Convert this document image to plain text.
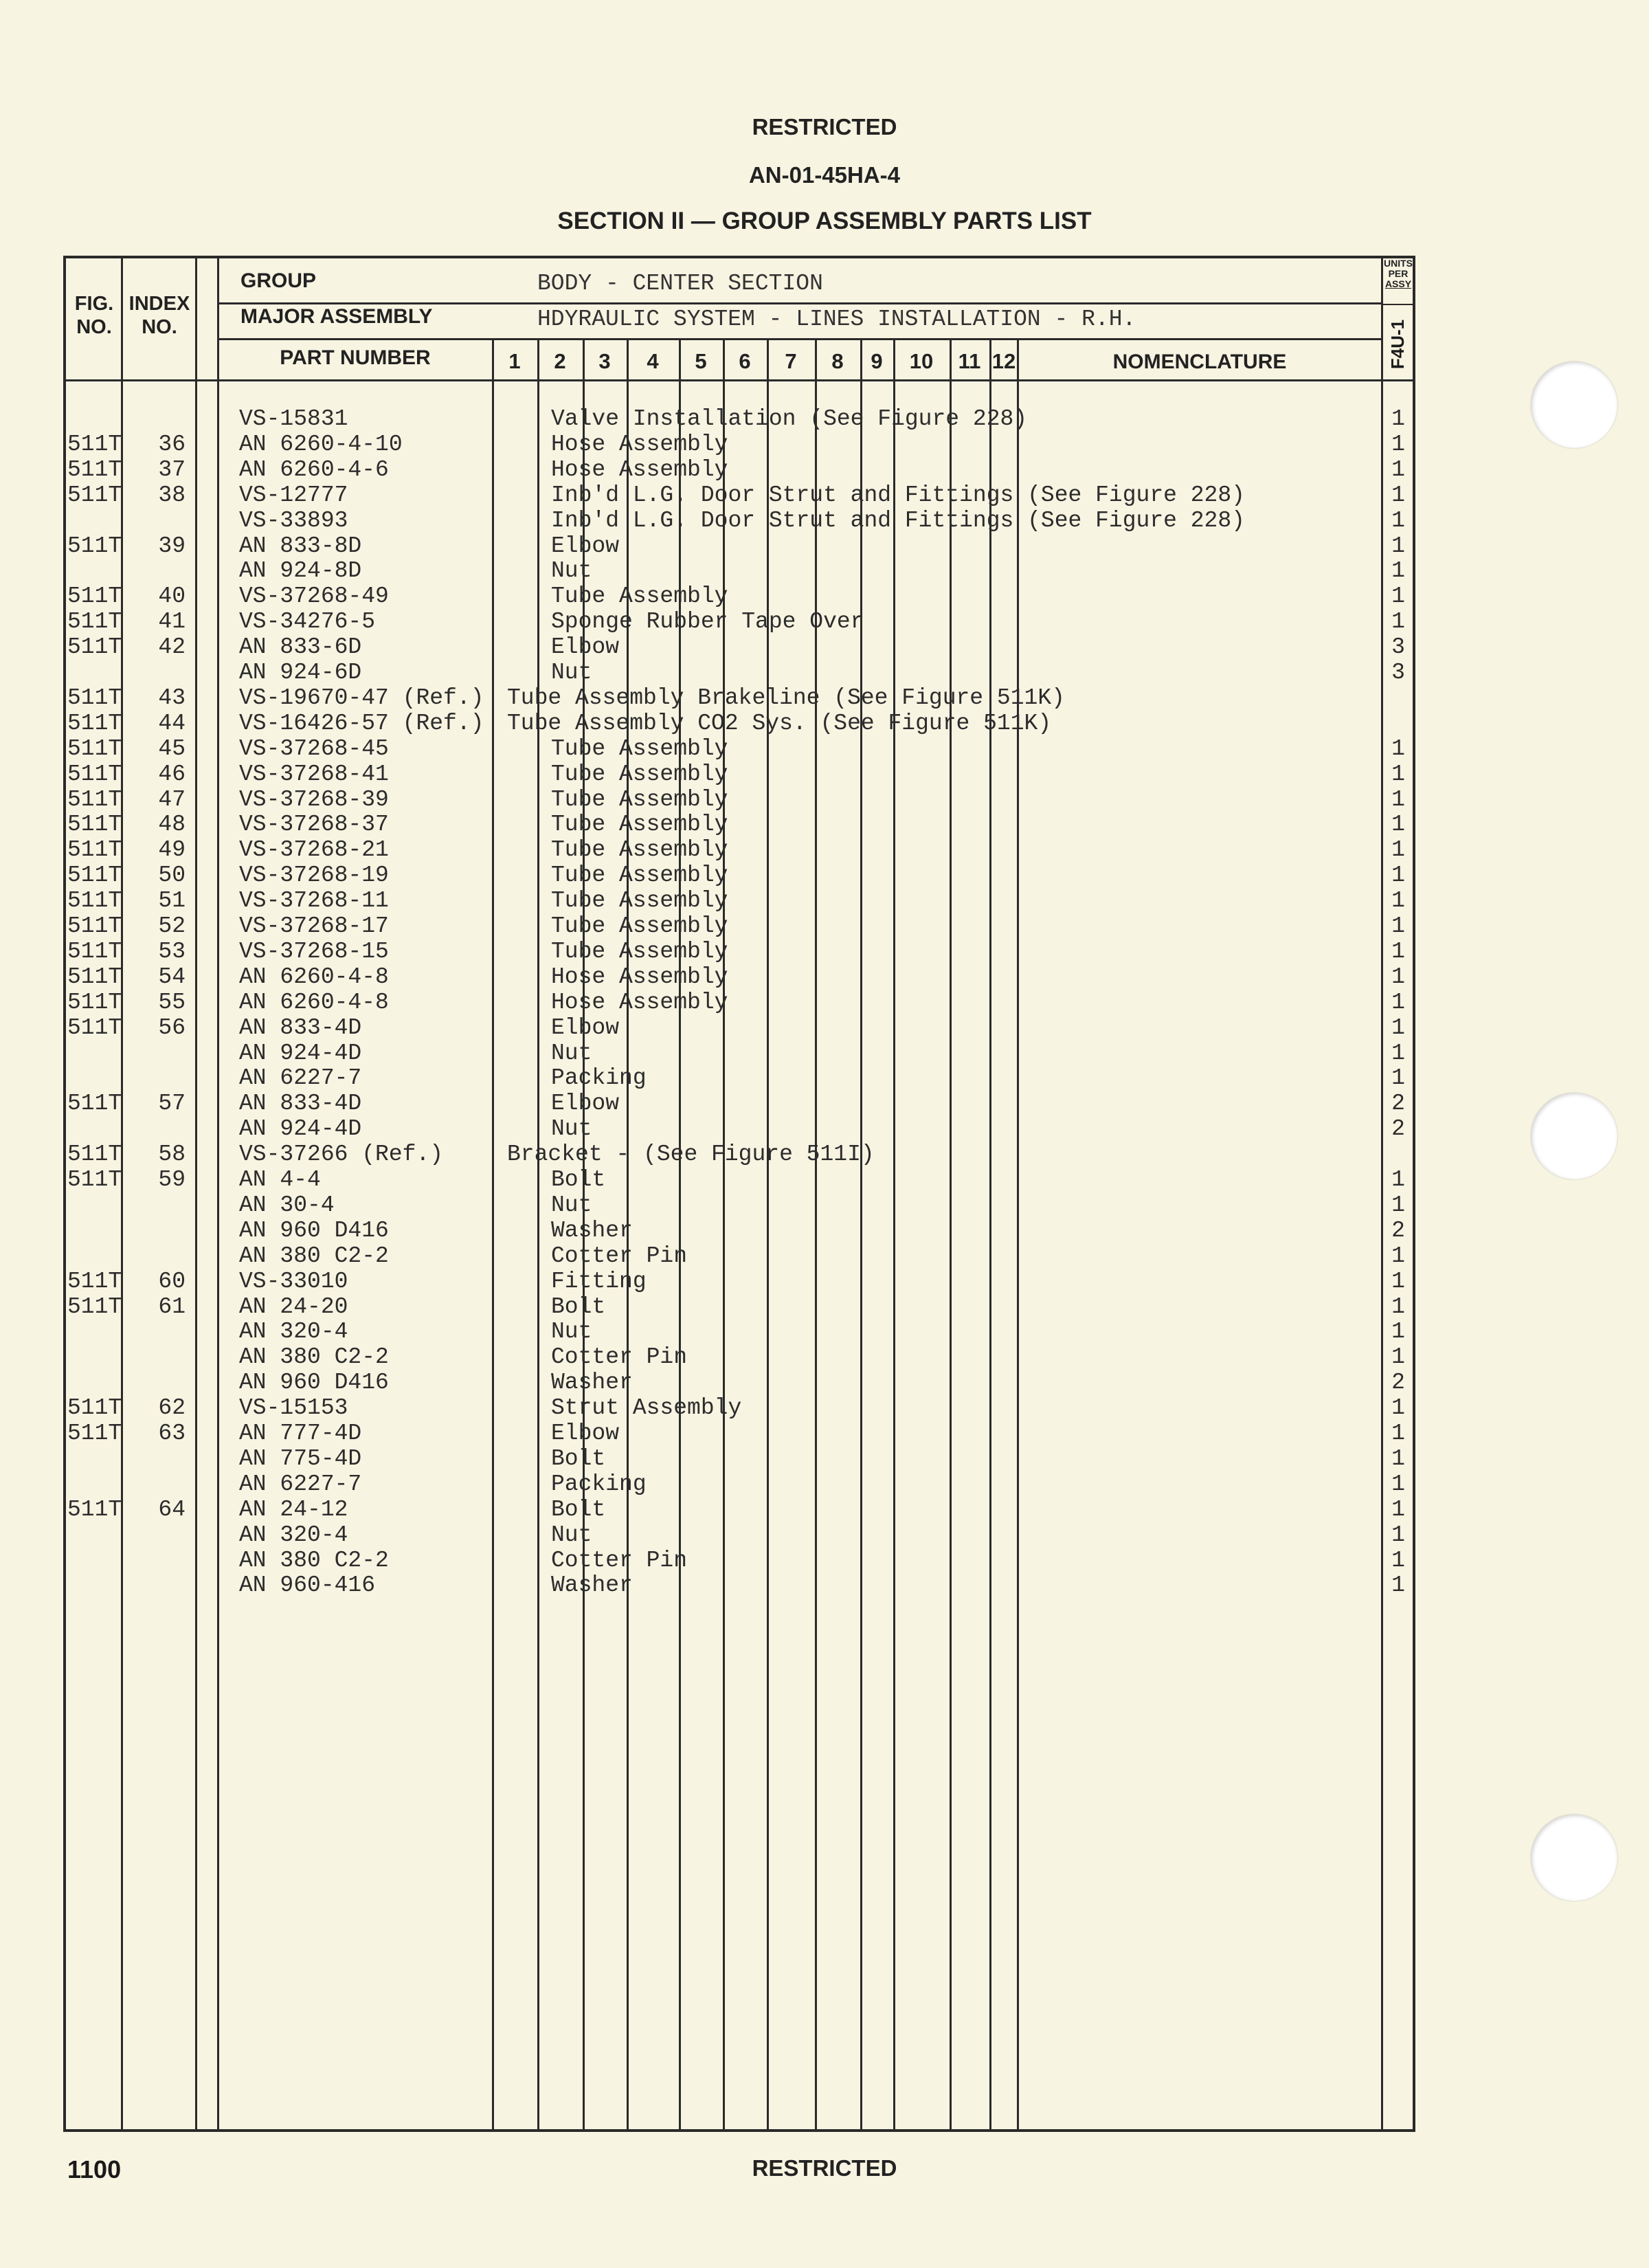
RESTRICTED
AN-01-45HA-4
SECTION II — GROUP ASSEMBLY PARTS LIST
FIG.
NO.
INDEX
NO.
GROUP	BODY - CENTER SECTION
MAJOR ASSEMBLY	HDYRAULIC SYSTEM - LINES INSTALLATION - R.H.
PART NUMBER	NOMENCLATURE
1	2	3	4	5	6	7	8	9	10	11 12
UNITS
PER
ASSY
F4U-1
VS-15831	Valve Installation (See Figure 228)	1
511T	36 AN 6260-4-10	Hose Assembly	1
511T	37 AN 6260-4-6	Hose Assembly	1
511T	38 VS-12777	Inb'd L.G. Door Strut and Fittings (See Figure 228)	1
VS-33893	Inb'd L.G. Door Strut and Fittings (See Figure 228)	1
511T	39 AN 833-8D	Elbow	1
AN 924-8D	Nut	1
511T	40 VS-37268-49	Tube Assembly	1
511T	41 VS-34276-5	Sponge Rubber Tape Over	1
511T	42 AN 833-6D	Elbow	3
AN 924-6D	Nut	3
511T	43 VS-19670-47 (Ref.) Tube Assembly Brakeline (See Figure 511K)
511T	44 VS-16426-57 (Ref.) Tube Assembly CO2 Sys. (See Figure 511K)
511T	45 VS-37268-45	Tube Assembly	1
511T	46 VS-37268-41	Tube Assembly	1
511T	47 VS-37268-39	Tube Assembly	1
511T	48 VS-37268-37	Tube Assembly	1
511T	49 VS-37268-21	Tube Assembly	1
511T	50 VS-37268-19	Tube Assembly	1
511T	51 VS-37268-11	Tube Assembly	1
511T	52 VS-37268-17	Tube Assembly	1
511T	53 VS-37268-15	Tube Assembly	1
511T	54 AN 6260-4-8	Hose Assembly	1
511T	55 AN 6260-4-8	Hose Assembly	1
511T	56 AN 833-4D	Elbow	1
AN 924-4D	Nut	1
AN 6227-7	Packing	1
511T	57 AN 833-4D	Elbow	2
AN 924-4D	Nut	2
511T	58 VS-37266 (Ref.)	Bracket - (See Figure 511I)
511T	59 AN 4-4	Bolt	1
AN 30-4	Nut	1
AN 960 D416	Washer	2
AN 380 C2-2	Cotter Pin	1
511T	60 VS-33010	Fitting	1
511T	61 AN 24-20	Bolt	1
AN 320-4	Nut	1
AN 380 C2-2	Cotter Pin	1
AN 960 D416	Washer	2
511T	62 VS-15153	Strut Assembly	1
511T	63 AN 777-4D	Elbow	1
AN 775-4D	Bolt	1
AN 6227-7	Packing	1
511T	64 AN 24-12	Bolt	1
AN 320-4	Nut	1
AN 380 C2-2	Cotter Pin	1
AN 960-416	Washer	1
1100	RESTRICTED
